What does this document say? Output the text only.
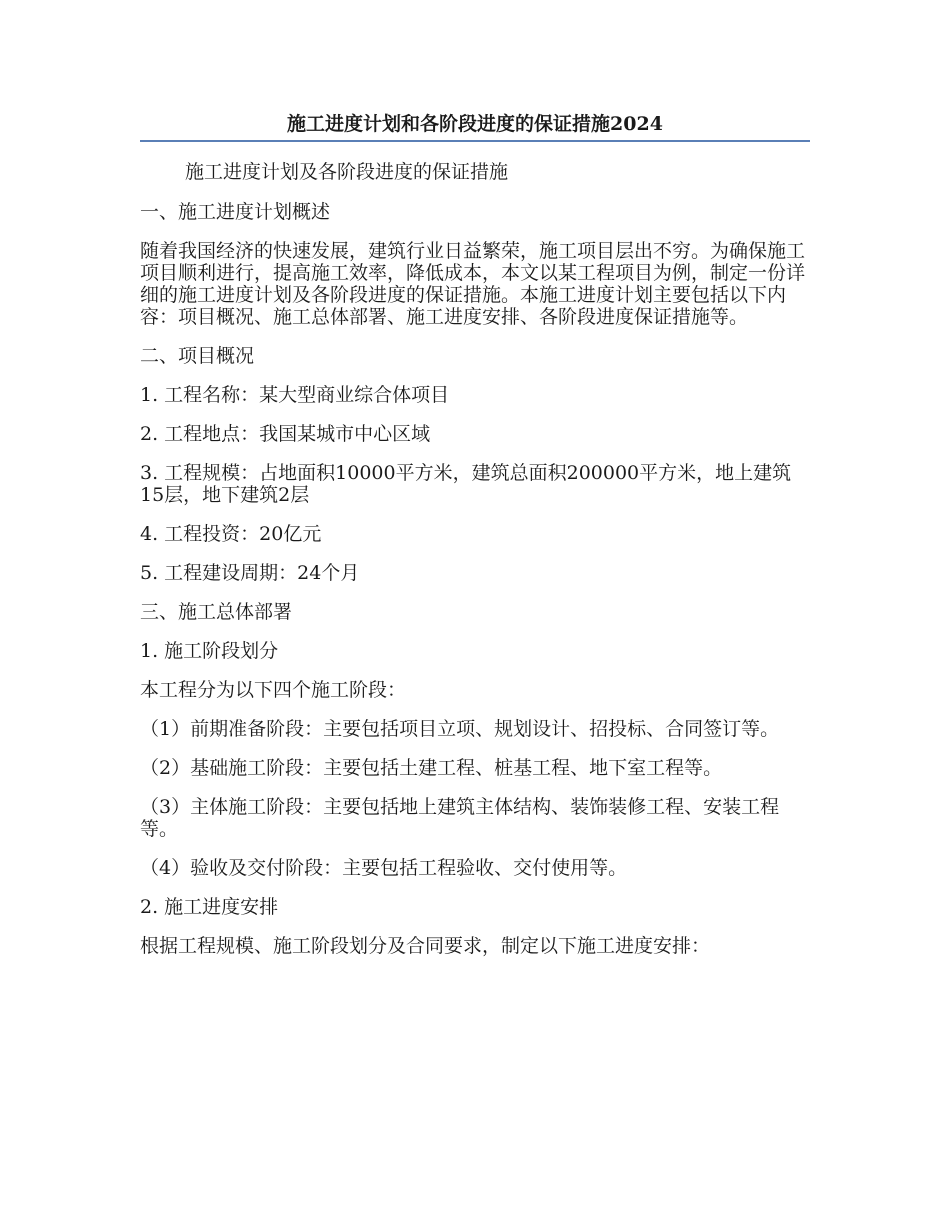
施工进度计划和各阶段进度的保证措施2024

施工进度计划及各阶段进度的保证措施

一、施工进度计划概述

随着我国经济的快速发展，建筑行业日益繁荣，施工项目层出不穷。为确保施工项目顺利进行，提高施工效率，降低成本，本文以某工程项目为例，制定一份详细的施工进度计划及各阶段进度的保证措施。本施工进度计划主要包括以下内容：项目概况、施工总体部署、施工进度安排、各阶段进度保证措施等。

二、项目概况

1. 工程名称：某大型商业综合体项目

2. 工程地点：我国某城市中心区域

3. 工程规模：占地面积10000平方米，建筑总面积200000平方米，地上建筑15层，地下建筑2层

4. 工程投资：20亿元

5. 工程建设周期：24个月

三、施工总体部署

1. 施工阶段划分

本工程分为以下四个施工阶段：

（1）前期准备阶段：主要包括项目立项、规划设计、招投标、合同签订等。

（2）基础施工阶段：主要包括土建工程、桩基工程、地下室工程等。

（3）主体施工阶段：主要包括地上建筑主体结构、装饰装修工程、安装工程等。

（4）验收及交付阶段：主要包括工程验收、交付使用等。

2. 施工进度安排

根据工程规模、施工阶段划分及合同要求，制定以下施工进度安排：
